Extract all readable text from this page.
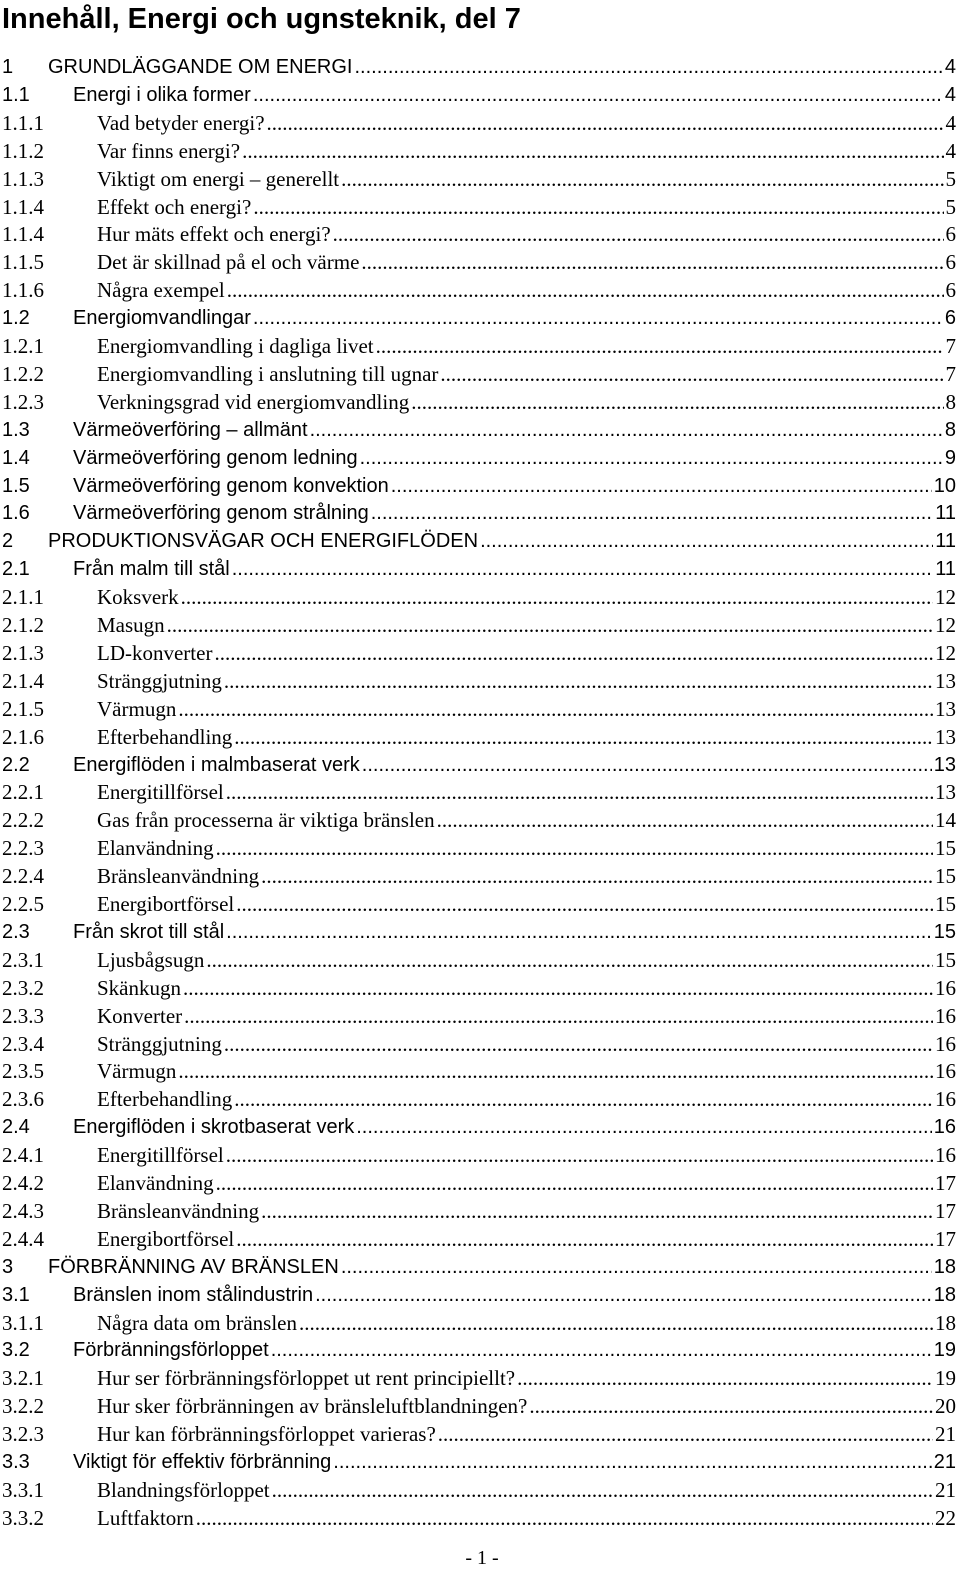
Innehåll, Energi och ugnsteknik, del 7
1 GRUNDLÄGGANDE OM ENERGI .....	4
1.1 Energi i olika former .....	4
1.1.1	Vad betyder energi? .....	4
1.1.2	Var finns energi? .....	4
1.1.3	Viktigt om energi – generellt .....	5
1.1.4	Effekt och energi? .....	5
1.1.4	Hur mäts effekt och energi? .....	6
1.1.5	Det är skillnad på el och värme .....	6
1.1.6	Några exempel .....	6
1.2 Energiomvandlingar .....	6
1.2.1	Energiomvandling i dagliga livet .....	7
1.2.2	Energiomvandling i anslutning till ugnar .....	7
1.2.3	Verkningsgrad vid energiomvandling .....	8
1.3 Värmeöverföring – allmänt .....	8
1.4 Värmeöverföring genom ledning .....	9
1.5 Värmeöverföring genom konvektion .....	10
1.6 Värmeöverföring genom strålning .....	11
2 PRODUKTIONSVÄGAR OCH ENERGIFLÖDEN .....	11
2.1 Från malm till stål .....	11
2.1.1	Koksverk .....	12
2.1.2	Masugn .....	12
2.1.3	LD-konverter .....	12
2.1.4	Stränggjutning .....	13
2.1.5	Värmugn .....	13
2.1.6	Efterbehandling .....	13
2.2 Energiflöden i malmbaserat verk .....	13
2.2.1	Energitillförsel .....	13
2.2.2	Gas från processerna är viktiga bränslen .....	14
2.2.3	Elanvändning .....	15
2.2.4	Bränsleanvändning .....	15
2.2.5	Energibortförsel .....	15
2.3 Från skrot till stål .....	15
2.3.1	Ljusbågsugn .....	15
2.3.2	Skänkugn .....	16
2.3.3	Konverter .....	16
2.3.4	Stränggjutning .....	16
2.3.5	Värmugn .....	16
2.3.6	Efterbehandling .....	16
2.4 Energiflöden i skrotbaserat verk .....	16
2.4.1	Energitillförsel .....	16
2.4.2	Elanvändning .....	17
2.4.3	Bränsleanvändning .....	17
2.4.4	Energibortförsel .....	17
3 FÖRBRÄNNING AV BRÄNSLEN .....	18
3.1 Bränslen inom stålindustrin .....	18
3.1.1	Några data om bränslen .....	18
3.2 Förbränningsförloppet .....	19
3.2.1	Hur ser förbränningsförloppet ut rent principiellt? .....	19
3.2.2	Hur sker förbränningen av bränsleluftblandningen? .....	20
3.2.3	Hur kan förbränningsförloppet varieras? .....	21
3.3 Viktigt för effektiv förbränning .....	21
3.3.1	Blandningsförloppet .....	21
3.3.2	Luftfaktorn .....	22
- 1 -
